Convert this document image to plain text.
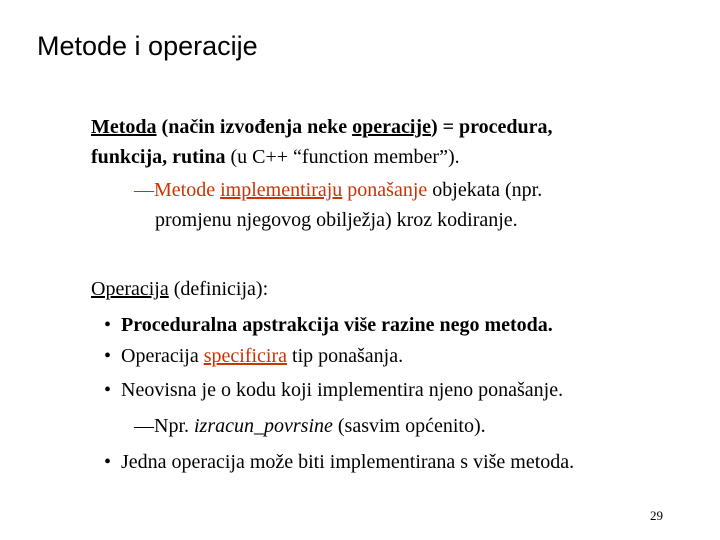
Metode i operacije
Metoda (način izvođenja neke operacije) = procedura,
funkcija, rutina (u C++ “function member”).
—Metode implementiraju ponašanje objekata (npr.
promjenu njegovog obilježja) kroz kodiranje.
Operacija (definicija):
• Proceduralna apstrakcija više razine nego metoda.
• Operacija specificira tip ponašanja.
• Neovisna je o kodu koji implementira njeno ponašanje.
—Npr. izracun_povrsine (sasvim općenito).
• Jedna operacija može biti implementirana s više metoda.
29
